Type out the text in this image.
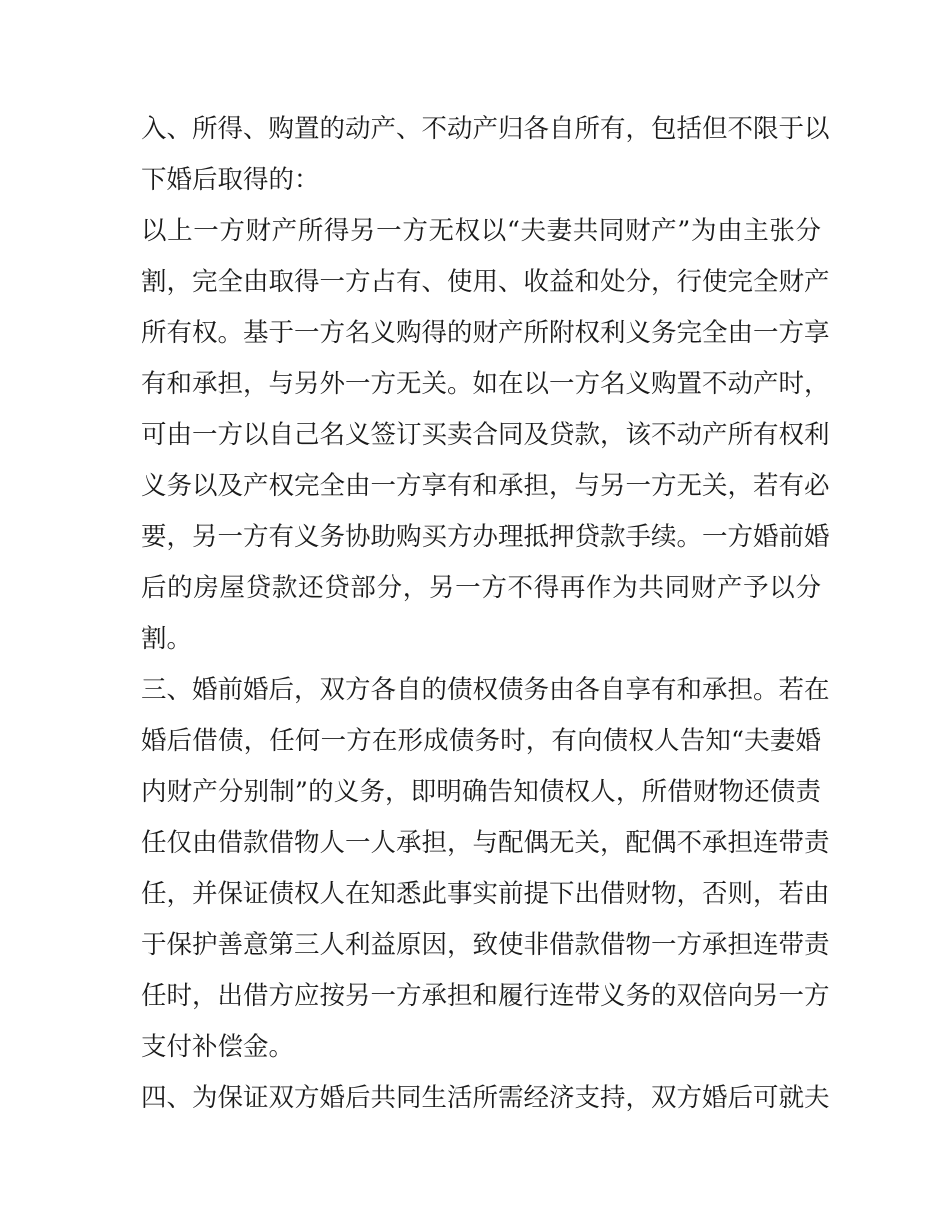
入、所得、购置的动产、不动产归各自所有，包括但不限于以
下婚后取得的：
以上一方财产所得另一方无权以“夫妻共同财产”为由主张分
割，完全由取得一方占有、使用、收益和处分，行使完全财产
所有权。基于一方名义购得的财产所附权利义务完全由一方享
有和承担，与另外一方无关。如在以一方名义购置不动产时，
可由一方以自己名义签订买卖合同及贷款，该不动产所有权利
义务以及产权完全由一方享有和承担，与另一方无关，若有必
要，另一方有义务协助购买方办理抵押贷款手续。一方婚前婚
后的房屋贷款还贷部分，另一方不得再作为共同财产予以分
割。
三、婚前婚后，双方各自的债权债务由各自享有和承担。若在
婚后借债，任何一方在形成债务时，有向债权人告知“夫妻婚
内财产分别制”的义务，即明确告知债权人，所借财物还债责
任仅由借款借物人一人承担，与配偶无关，配偶不承担连带责
任，并保证债权人在知悉此事实前提下出借财物，否则，若由
于保护善意第三人利益原因，致使非借款借物一方承担连带责
任时，出借方应按另一方承担和履行连带义务的双倍向另一方
支付补偿金。
四、为保证双方婚后共同生活所需经济支持，双方婚后可就夫
